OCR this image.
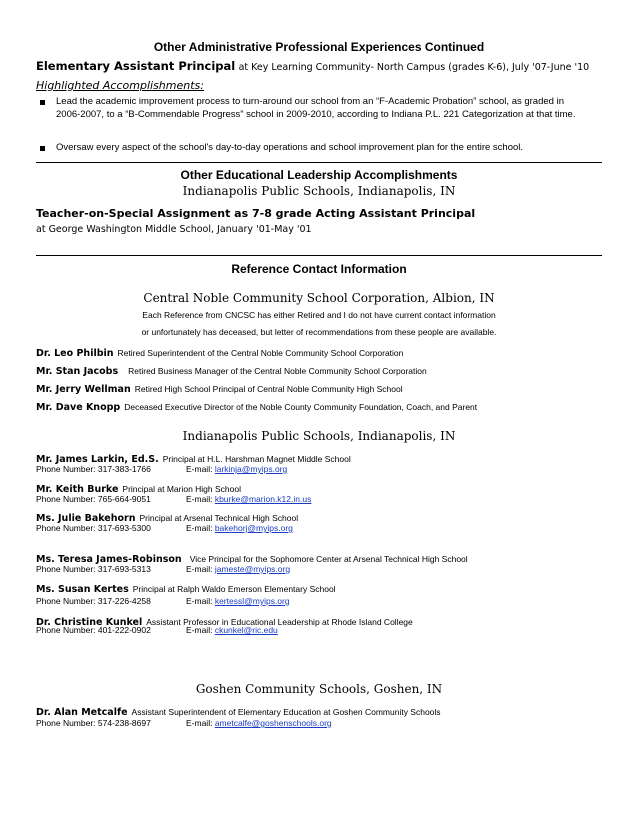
Other Administrative Professional Experiences Continued
Elementary Assistant Principal at Key Learning Community- North Campus (grades K-6), July '07-June '10
Highlighted Accomplishments:
Lead the academic improvement process to turn-around our school from an “F-Academic Probation” school, as graded in 2006-2007, to a “B-Commendable Progress” school in 2009-2010, according to Indiana P.L. 221 Categorization at that time.
Oversaw every aspect of the school's day-to-day operations and school improvement plan for the entire school.
Other Educational Leadership Accomplishments
Indianapolis Public Schools, Indianapolis, IN
Teacher-on-Special Assignment as 7-8 grade Acting Assistant Principal
at George Washington Middle School, January '01-May '01
Reference Contact Information
Central Noble Community School Corporation, Albion, IN
Each Reference from CNCSC has either Retired and I do not have current contact information
or unfortunately has deceased, but letter of recommendations from these people are available.
Dr. Leo Philbin Retired Superintendent of the Central Noble Community School Corporation
Mr. Stan Jacobs Retired Business Manager of the Central Noble Community School Corporation
Mr. Jerry Wellman Retired High School Principal of Central Noble Community High School
Mr. Dave Knopp Deceased Executive Director of the Noble County Community Foundation, Coach, and Parent
Indianapolis Public Schools, Indianapolis, IN
Mr. James Larkin, Ed.S. Principal at H.L. Harshman Magnet Middle School
Phone Number: 317-383-1766	E-mail: larkinja@myips.org
Mr. Keith Burke Principal at Marion High School
Phone Number: 765-664-9051	E-mail: kburke@marion.k12.in.us
Ms. Julie Bakehorn Principal at Arsenal Technical High School
Phone Number: 317-693-5300	E-mail: bakehorj@myips.org
Ms. Teresa James-Robinson Vice Principal for the Sophomore Center at Arsenal Technical High School
Phone Number: 317-693-5313	E-mail: jameste@myips.org
Ms. Susan Kertes Principal at Ralph Waldo Emerson Elementary School
Phone Number: 317-226-4258	E-mail: kertessl@myips.org
Dr. Christine Kunkel Assistant Professor in Educational Leadership at Rhode Island College
Phone Number: 401-222-0902	E-mail: ckunkel@ric.edu
Goshen Community Schools, Goshen, IN
Dr. Alan Metcalfe Assistant Superintendent of Elementary Education at Goshen Community Schools
Phone Number: 574-238-8697	E-mail: ametcalfe@goshenschools.org
